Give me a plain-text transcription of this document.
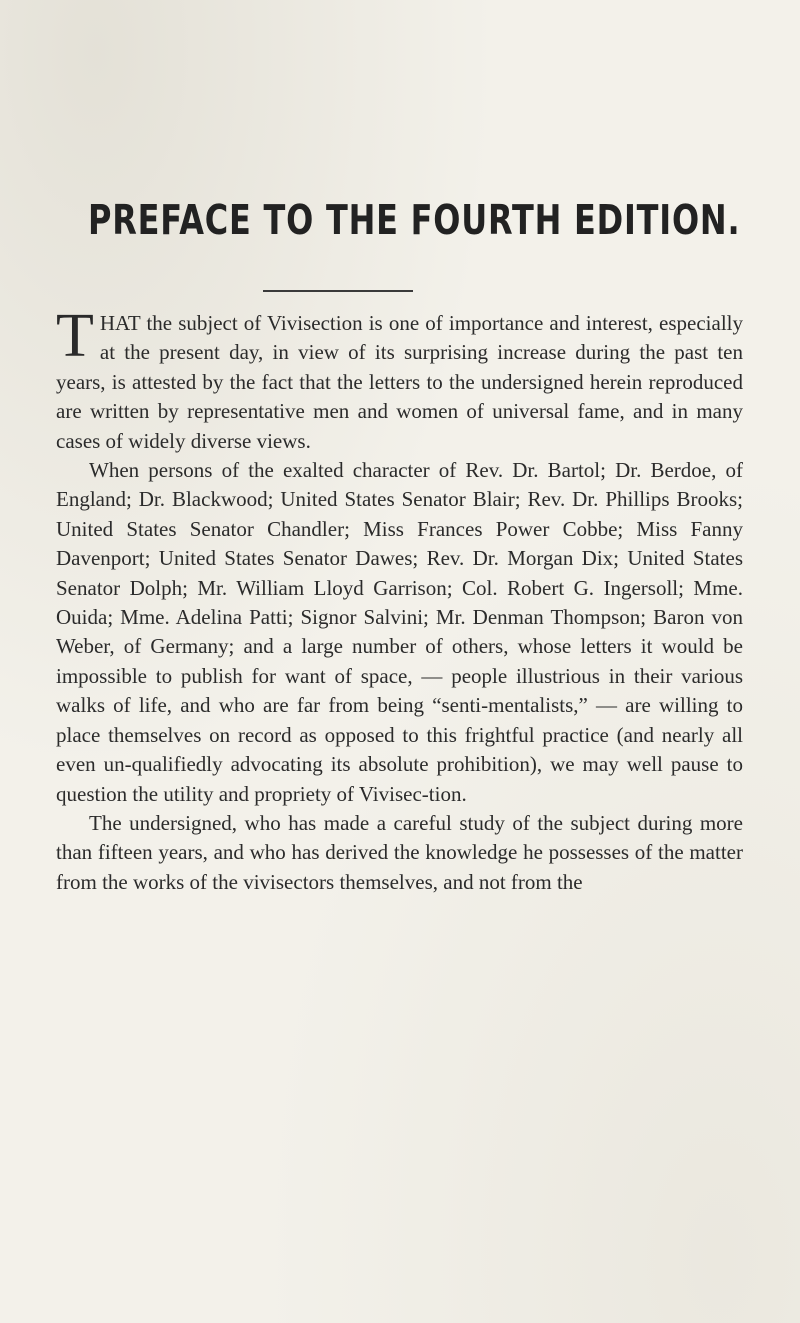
PREFACE TO THE FOURTH EDITION.

THAT the subject of Vivisection is one of importance and interest, especially at the present day, in view of its surprising increase during the past ten years, is attested by the fact that the letters to the undersigned herein reproduced are written by representative men and women of universal fame, and in many cases of widely diverse views.

When persons of the exalted character of Rev. Dr. Bartol; Dr. Berdoe, of England; Dr. Blackwood; United States Senator Blair; Rev. Dr. Phillips Brooks; United States Senator Chandler; Miss Frances Power Cobbe; Miss Fanny Davenport; United States Senator Dawes; Rev. Dr. Morgan Dix; United States Senator Dolph; Mr. William Lloyd Garrison; Col. Robert G. Ingersoll; Mme. Ouida; Mme. Adelina Patti; Signor Salvini; Mr. Denman Thompson; Baron von Weber, of Germany; and a large number of others, whose letters it would be impossible to publish for want of space, — people illustrious in their various walks of life, and who are far from being “senti-mentalists,” — are willing to place themselves on record as opposed to this frightful practice (and nearly all even un-qualifiedly advocating its absolute prohibition), we may well pause to question the utility and propriety of Vivisec-tion.

The undersigned, who has made a careful study of the subject during more than fifteen years, and who has derived the knowledge he possesses of the matter from the works of the vivisectors themselves, and not from the
